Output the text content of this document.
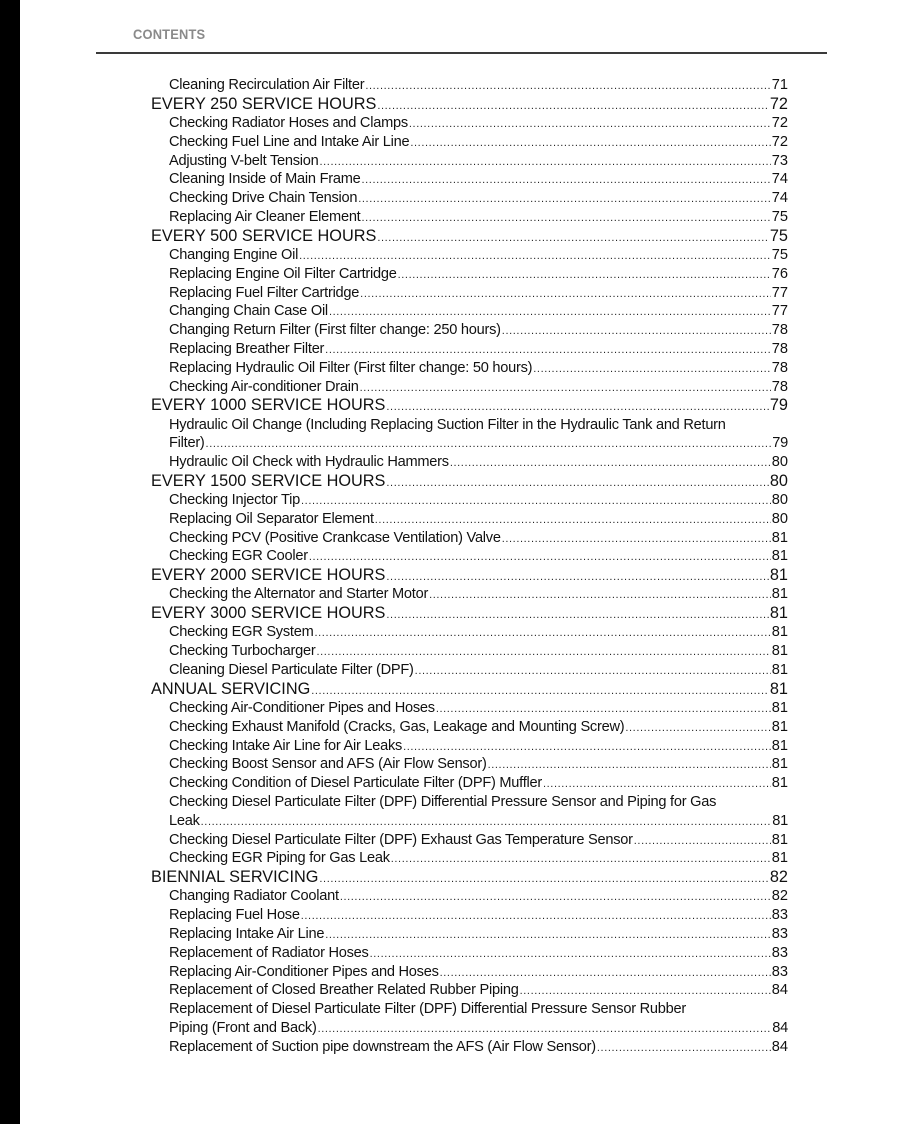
CONTENTS
Cleaning Recirculation Air Filter .....	71
EVERY 250 SERVICE HOURS .....	72
Checking Radiator Hoses and Clamps .....	72
Checking Fuel Line and Intake Air Line .....	72
Adjusting V-belt Tension .....	73
Cleaning Inside of Main Frame .....	74
Checking Drive Chain Tension .....	74
Replacing Air Cleaner Element .....	75
EVERY 500 SERVICE HOURS .....	75
Changing Engine Oil .....	75
Replacing Engine Oil Filter Cartridge .....	76
Replacing Fuel Filter Cartridge .....	77
Changing Chain Case Oil .....	77
Changing Return Filter (First filter change: 250 hours) .....	78
Replacing Breather Filter .....	78
Replacing Hydraulic Oil Filter (First filter change: 50 hours) .....	78
Checking Air-conditioner Drain .....	78
EVERY 1000 SERVICE HOURS .....	79
Hydraulic Oil Change (Including Replacing Suction Filter in the Hydraulic Tank and Return
Filter) .....	79
Hydraulic Oil Check with Hydraulic Hammers .....	80
EVERY 1500 SERVICE HOURS .....	80
Checking Injector Tip .....	80
Replacing Oil Separator Element .....	80
Checking PCV (Positive Crankcase Ventilation) Valve .....	81
Checking EGR Cooler .....	81
EVERY 2000 SERVICE HOURS .....	81
Checking the Alternator and Starter Motor .....	81
EVERY 3000 SERVICE HOURS .....	81
Checking EGR System .....	81
Checking Turbocharger .....	81
Cleaning Diesel Particulate Filter (DPF) .....	81
ANNUAL SERVICING .....	81
Checking Air-Conditioner Pipes and Hoses .....	81
Checking Exhaust Manifold (Cracks, Gas, Leakage and Mounting Screw) .....	81
Checking Intake Air Line for Air Leaks .....	81
Checking Boost Sensor and AFS (Air Flow Sensor) .....	81
Checking Condition of Diesel Particulate Filter (DPF) Muffler .....	81
Checking Diesel Particulate Filter (DPF) Differential Pressure Sensor and Piping for Gas
Leak .....	81
Checking Diesel Particulate Filter (DPF) Exhaust Gas Temperature Sensor .....	81
Checking EGR Piping for Gas Leak .....	81
BIENNIAL SERVICING .....	82
Changing Radiator Coolant .....	82
Replacing Fuel Hose .....	83
Replacing Intake Air Line .....	83
Replacement of Radiator Hoses .....	83
Replacing Air-Conditioner Pipes and Hoses .....	83
Replacement of Closed Breather Related Rubber Piping .....	84
Replacement of Diesel Particulate Filter (DPF) Differential Pressure Sensor Rubber
Piping (Front and Back) .....	84
Replacement of Suction pipe downstream the AFS (Air Flow Sensor) .....	84
